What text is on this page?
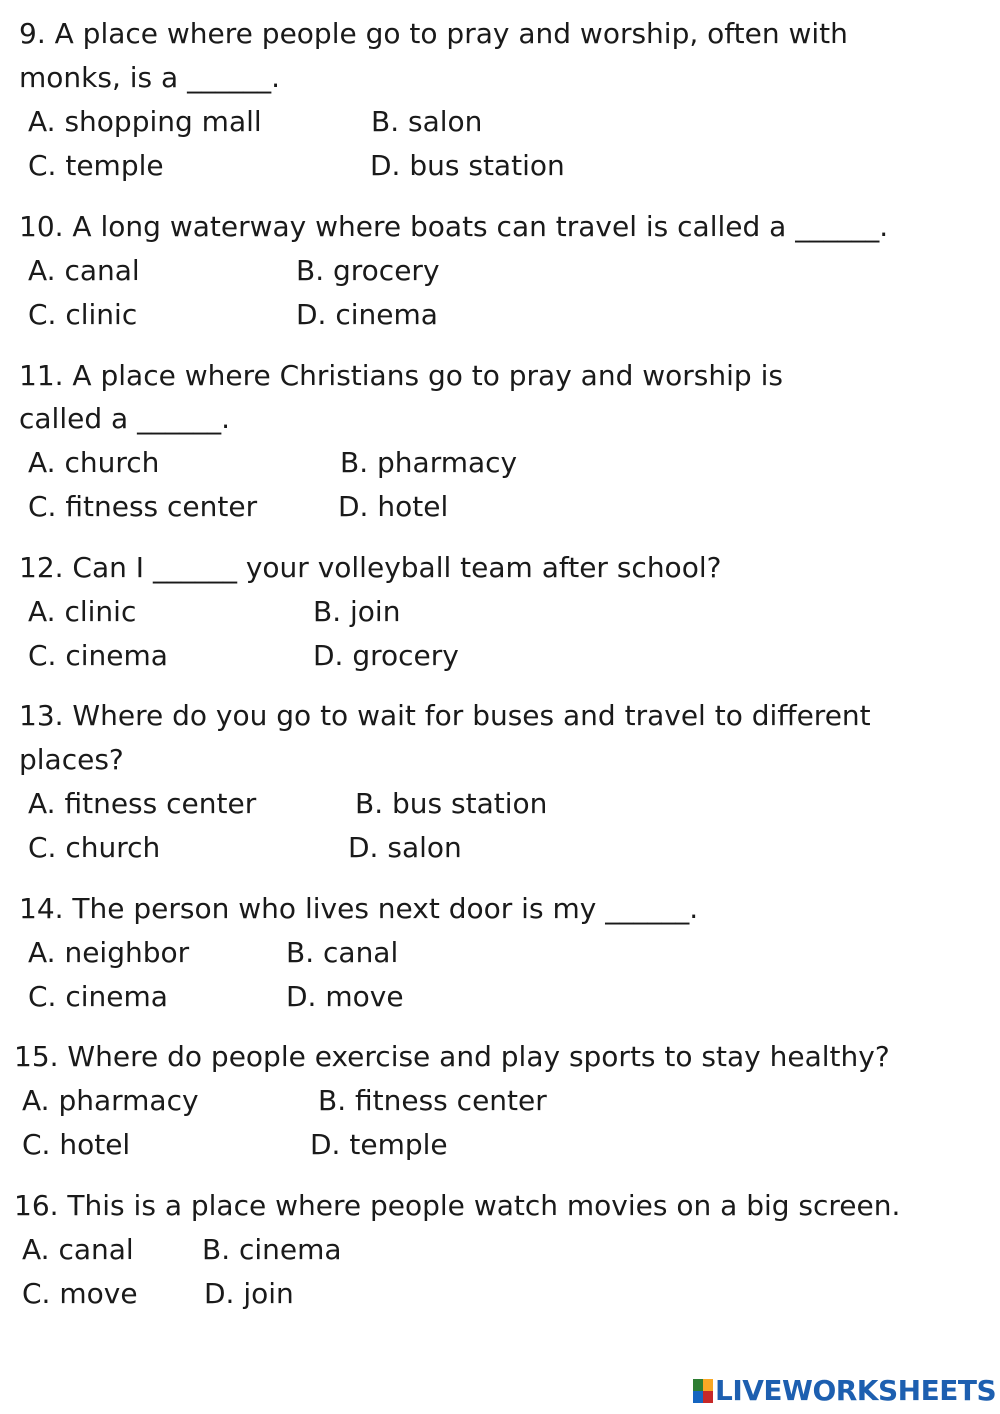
9. A place where people go to pray and worship, often with
monks, is a ______.
A. shopping mall	B. salon
C. temple	D. bus station
10. A long waterway where boats can travel is called a ______.
A. canal	B. grocery
C. clinic	D. cinema
11. A place where Christians go to pray and worship is
called a ______.
A. church	B. pharmacy
C. fitness center	D. hotel
12. Can I ______ your volleyball team after school?
A. clinic	B. join
C. cinema	D. grocery
13. Where do you go to wait for buses and travel to different
places?
A. fitness center	B. bus station
C. church	D. salon
14. The person who lives next door is my ______.
A. neighbor	B. canal
C. cinema	D. move
15. Where do people exercise and play sports to stay healthy?
A. pharmacy	B. fitness center
C. hotel	D. temple
16. This is a place where people watch movies on a big screen.
A. canal B. cinema
C. move D. join
LIVEWORKSHEETS
